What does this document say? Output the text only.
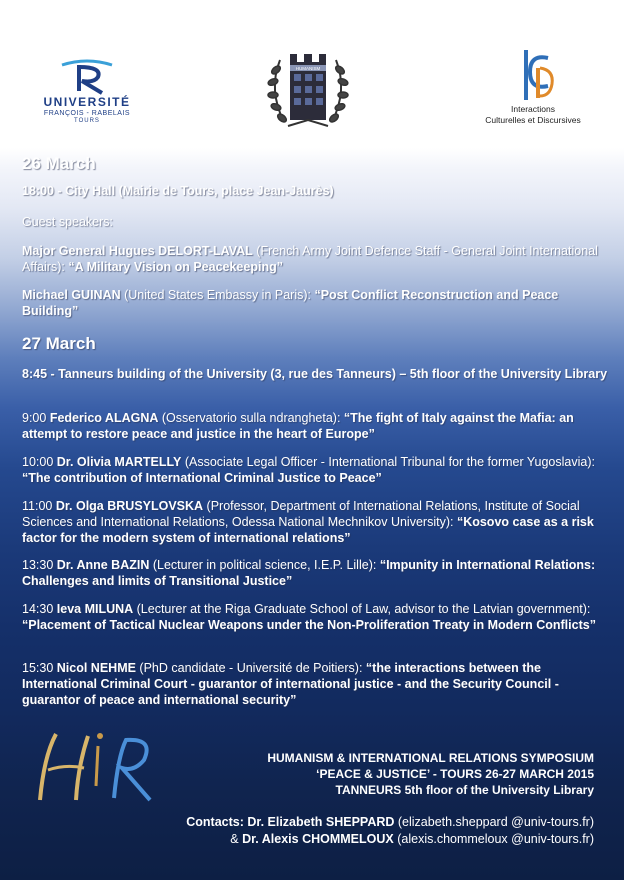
UNIVERSITÉ
FRANÇOIS - RABELAIS
TOURS
HUMANISM
Interactions
Culturelles et Discursives
26 March
18:00 - City Hall (Mairie de Tours, place Jean-Jaurès)
Guest speakers:
Major General Hugues DELORT-LAVAL (French Army Joint Defence Staff - General Joint International Affairs): “A Military Vision on Peacekeeping”
Michael GUINAN (United States Embassy in Paris): “Post Conflict Reconstruction and Peace Building”
27 March
8:45 - Tanneurs building of the University (3, rue des Tanneurs) – 5th floor of the University Library
9:00 Federico ALAGNA (Osservatorio sulla ndrangheta): “The fight of Italy against the Mafia: an attempt to restore peace and justice in the heart of Europe”
10:00 Dr. Olivia MARTELLY (Associate Legal Officer - International Tribunal for the former Yugoslavia): “The contribution of International Criminal Justice to Peace”
11:00 Dr. Olga BRUSYLOVSKA (Professor, Department of International Relations, Institute of Social Sciences and International Relations, Odessa National Mechnikov University): “Kosovo case as a risk factor for the modern system of international relations”
13:30 Dr. Anne BAZIN (Lecturer in political science, I.E.P. Lille): “Impunity in International Relations: Challenges and limits of Transitional Justice”
14:30 Ieva MILUNA (Lecturer at the Riga Graduate School of Law, advisor to the Latvian government): “Placement of Tactical Nuclear Weapons under the Non-Proliferation Treaty in Modern Conflicts”
15:30 Nicol NEHME (PhD candidate - Université de Poitiers): “the interactions between the International Criminal Court - guarantor of international justice - and the Security Council - guarantor of peace and international security”
HUMANISM & INTERNATIONAL RELATIONS SYMPOSIUM
‘PEACE & JUSTICE’ - TOURS 26-27 MARCH 2015
TANNEURS 5th floor of the University Library
Contacts: Dr. Elizabeth SHEPPARD (elizabeth.sheppard @univ-tours.fr)
& Dr. Alexis CHOMMELOUX (alexis.chommeloux @univ-tours.fr)
